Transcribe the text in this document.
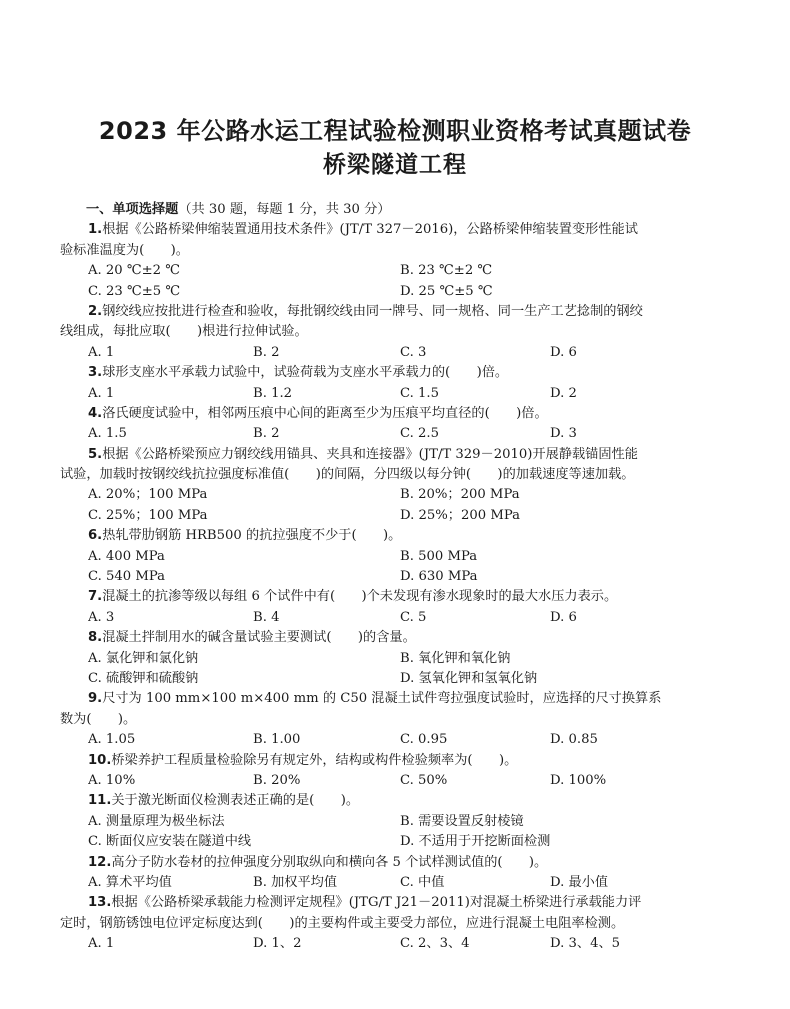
2023 年公路水运工程试验检测职业资格考试真题试卷
桥梁隧道工程
一、单项选择题（共 30 题，每题 1 分，共 30 分）
1.根据《公路桥梁伸缩装置通用技术条件》(JT/T 327－2016)，公路桥梁伸缩装置变形性能试
验标准温度为(　　)。
A. 20 ℃±2 ℃	B. 23 ℃±2 ℃
C. 23 ℃±5 ℃	D. 25 ℃±5 ℃
2.钢绞线应按批进行检查和验收，每批钢绞线由同一牌号、同一规格、同一生产工艺捻制的钢绞
线组成，每批应取(　　)根进行拉伸试验。
A. 1	B. 2	C. 3	D. 6
3.球形支座水平承载力试验中，试验荷载为支座水平承载力的(　　)倍。
A. 1	B. 1.2	C. 1.5	D. 2
4.洛氏硬度试验中，相邻两压痕中心间的距离至少为压痕平均直径的(　　)倍。
A. 1.5	B. 2	C. 2.5	D. 3
5.根据《公路桥梁预应力钢绞线用锚具、夹具和连接器》(JT/T 329－2010)开展静载锚固性能
试验，加载时按钢绞线抗拉强度标准值(　　)的间隔，分四级以每分钟(　　)的加载速度等速加载。
A. 20%；100 MPa	B. 20%；200 MPa
C. 25%；100 MPa	D. 25%；200 MPa
6.热轧带肋钢筋 HRB500 的抗拉强度不少于(　　)。
A. 400 MPa	B. 500 MPa
C. 540 MPa	D. 630 MPa
7.混凝土的抗渗等级以每组 6 个试件中有(　　)个未发现有渗水现象时的最大水压力表示。
A. 3	B. 4	C. 5	D. 6
8.混凝土拌制用水的碱含量试验主要测试(　　)的含量。
A. 氯化钾和氯化钠	B. 氧化钾和氧化钠
C. 硫酸钾和硫酸钠	D. 氢氧化钾和氢氧化钠
9.尺寸为 100 mm×100 m×400 mm 的 C50 混凝土试件弯拉强度试验时，应选择的尺寸换算系
数为(　　)。
A. 1.05	B. 1.00	C. 0.95	D. 0.85
10.桥梁养护工程质量检验除另有规定外，结构或构件检验频率为(　　)。
A. 10%	B. 20%	C. 50%	D. 100%
11.关于激光断面仪检测表述正确的是(　　)。
A. 测量原理为极坐标法	B. 需要设置反射棱镜
C. 断面仪应安装在隧道中线	D. 不适用于开挖断面检测
12.高分子防水卷材的拉伸强度分别取纵向和横向各 5 个试样测试值的(　　)。
A. 算术平均值	B. 加权平均值	C. 中值	D. 最小值
13.根据《公路桥梁承载能力检测评定规程》(JTG/T J21－2011)对混凝土桥梁进行承载能力评
定时，钢筋锈蚀电位评定标度达到(　　)的主要构件或主要受力部位，应进行混凝土电阻率检测。
A. 1	D. 1、2	C. 2、3、4	D. 3、4、5
